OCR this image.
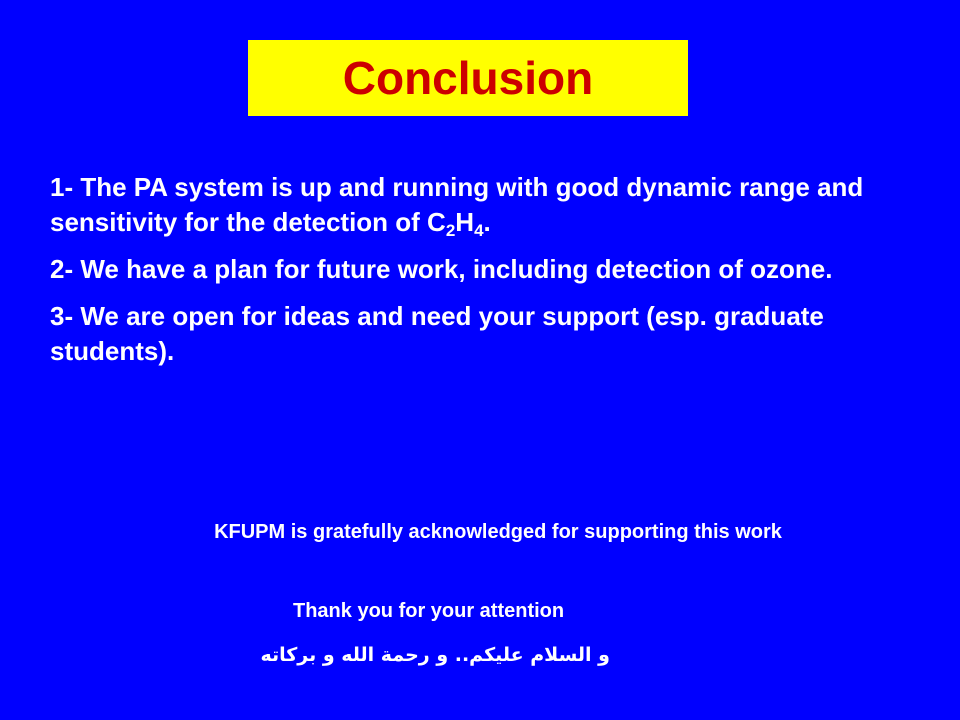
Conclusion
1- The PA system is up and running with good dynamic range and sensitivity for the detection of $C_2H_4$.
2- We have a plan for future work, including detection of ozone.
3- We are open for ideas and need your support (esp. graduate students).
KFUPM is gratefully acknowledged for supporting this work
Thank you for your attention
و السلام عليكم.. و رحمة الله و بركاته
